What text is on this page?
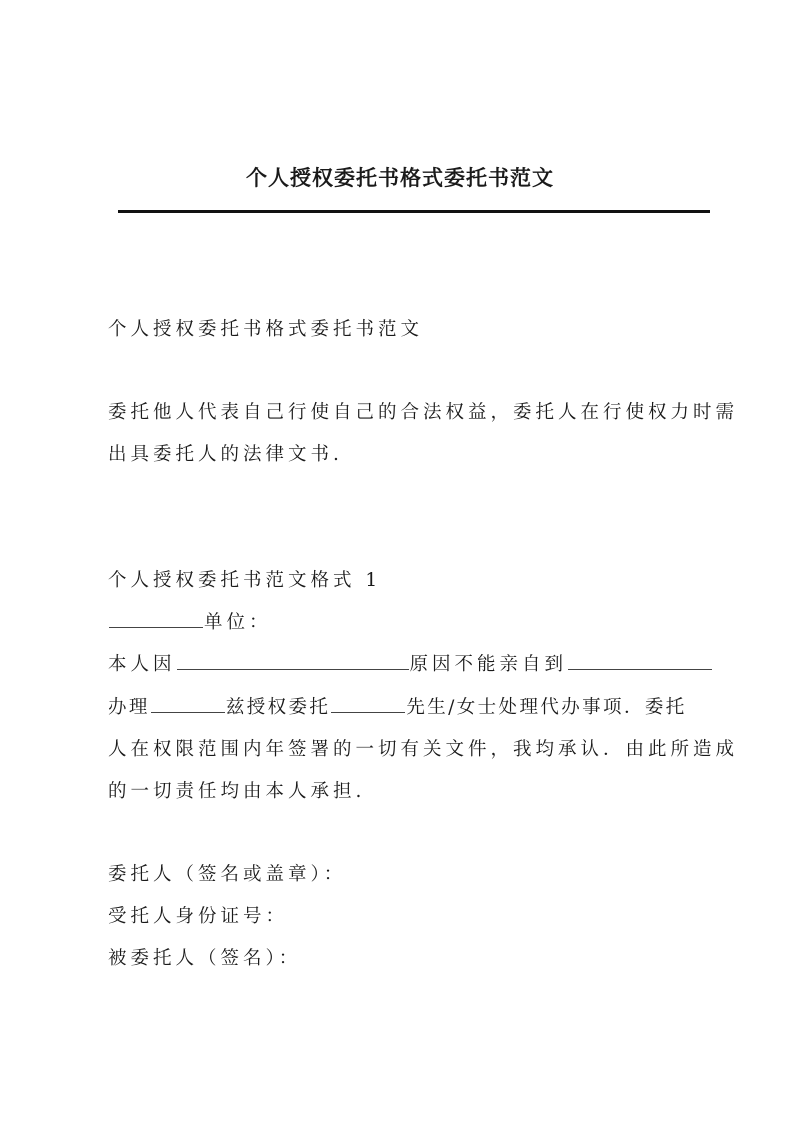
个人授权委托书格式委托书范文
个人授权委托书格式委托书范文
委托他人代表自己行使自己的合法权益，委托人在行使权力时需
出具委托人的法律文书.
个人授权委托书范文格式 1
单位：
本人因	原因不能亲自到
办理	兹授权委托	先生/女士处理代办事项．委托
人在权限范围内年签署的一切有关文件，我均承认．由此所造成
的一切责任均由本人承担.
委托人（签名或盖章）：
受托人身份证号：
被委托人（签名）：
